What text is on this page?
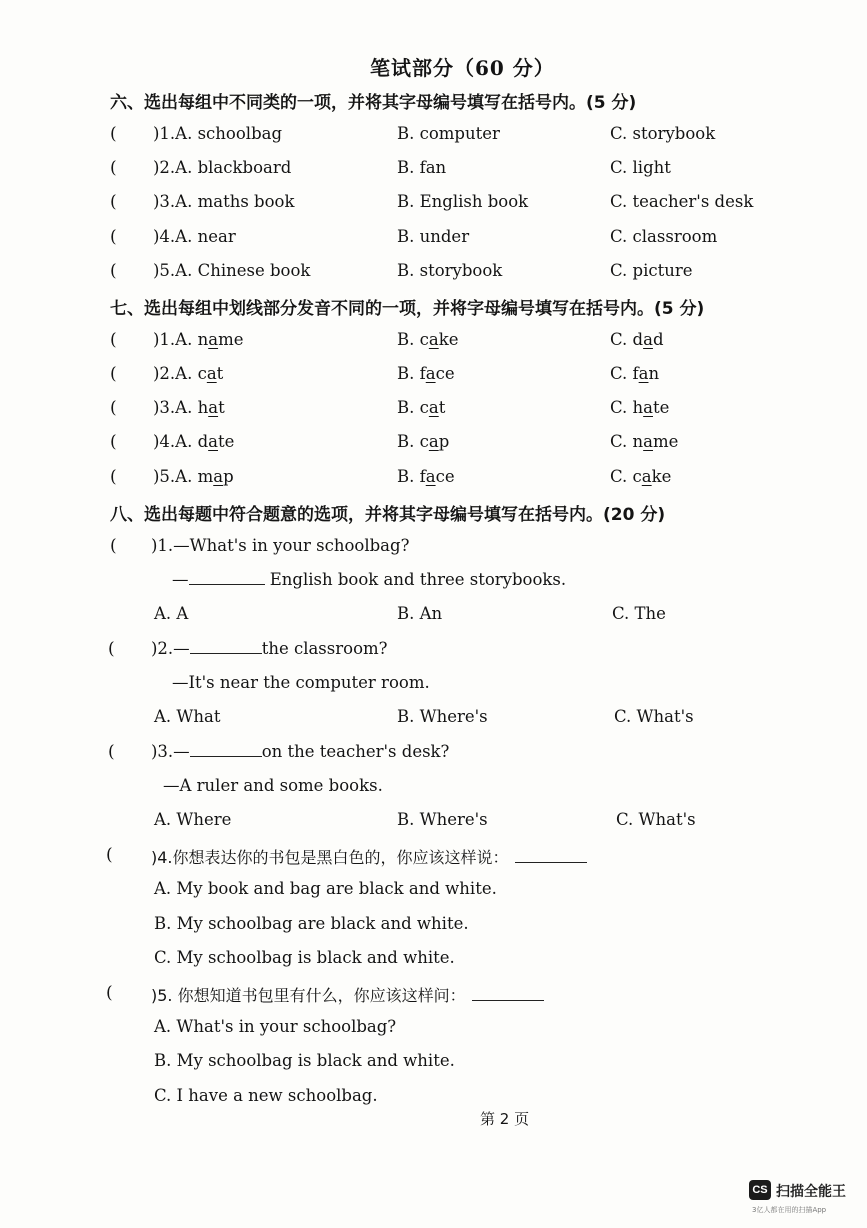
笔试部分（60 分）
六、选出每组中不同类的一项，并将其字母编号填写在括号内。(5 分)
( )1.A. schoolbag	B. computer	C. storybook
( )2.A. blackboard	B. fan	C. light
( )3.A. maths book	B. English book	C. teacher's desk
( )4.A. near	B. under	C. classroom
( )5.A. Chinese book	B. storybook	C. picture
七、选出每组中划线部分发音不同的一项，并将字母编号填写在括号内。(5 分)
( )1.A. name	B. cake	C. dad
( )2.A. cat	B. face	C. fan
( )3.A. hat	B. cat	C. hate
( )4.A. date	B. cap	C. name
( )5.A. map	B. face	C. cake
八、选出每题中符合题意的选项，并将其字母编号填写在括号内。(20 分)
( )1.—What's in your schoolbag?
—	English book and three storybooks.
A. A	B. An	C. The
( )2.—	the classroom?
—It's near the computer room.
A. What	B. Where's	C. What's
( )3.—	on the teacher's desk?
—A ruler and some books.
A. Where	B. Where's	C. What's
( )4.你想表达你的书包是黑白色的，你应该这样说：
A. My book and bag are black and white.
B. My schoolbag are black and white.
C. My schoolbag is black and white.
( )5. 你想知道书包里有什么，你应该这样问：
A. What's in your schoolbag?
B. My schoolbag is black and white.
C. I have a new schoolbag.
第 2 页
CS 扫描全能王
3亿人都在用的扫描App
